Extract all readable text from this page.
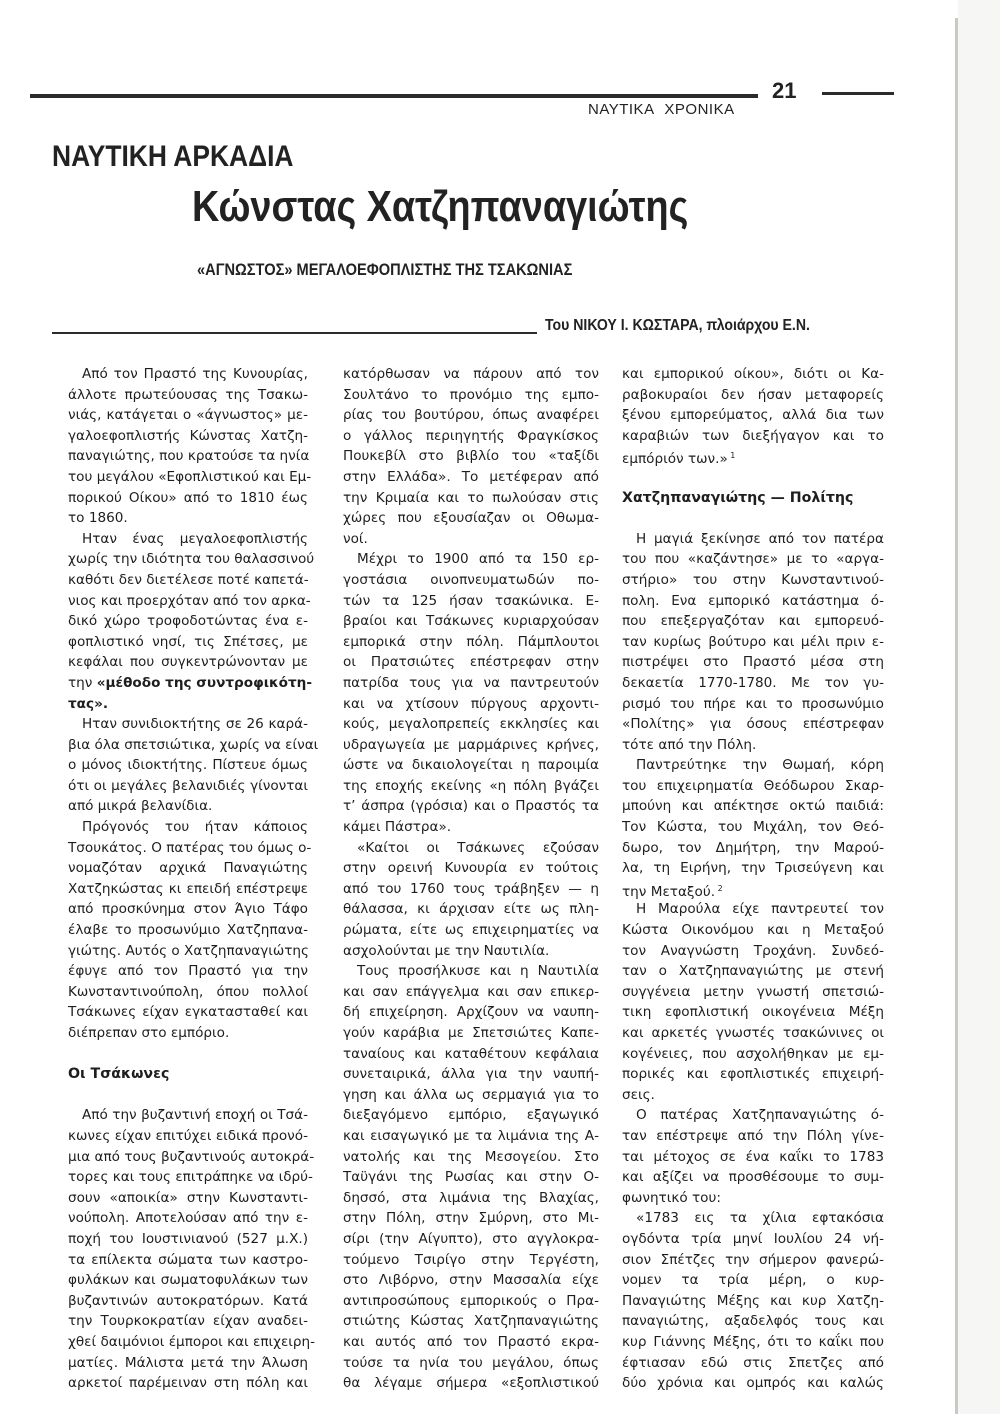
21
ΝΑΥΤΙΚΑ ΧΡΟΝΙΚΑ
ΝΑΥΤΙΚΗ ΑΡΚΑΔΙΑ
Κώνστας Χατζηπαναγιώτης
«ΑΓΝΩΣΤΟΣ» ΜΕΓΑΛΟΕΦΟΠΛΙΣΤΗΣ ΤΗΣ ΤΣΑΚΩΝΙΑΣ
Του ΝΙΚΟΥ Ι. ΚΩΣΤΑΡΑ, πλοιάρχου Ε.Ν.
Από τον Πραστό της Κυνουρίας,
άλλοτε πρωτεύουσας της Τσακω-
νιάς, κατάγεται ο «άγνωστος» με-
γαλοεφοπλιστής Κώνστας Χατζη-
παναγιώτης, που κρατούσε τα ηνία
του μεγάλου «Εφοπλιστικού και Εμ-
πορικού Οίκου» από το 1810 έως
το 1860.
Ηταν ένας μεγαλοεφοπλιστής
χωρίς την ιδιότητα του θαλασσινού
καθότι δεν διετέλεσε ποτέ καπετά-
νιος και προερχόταν από τον αρκα-
δικό χώρο τροφοδοτώντας ένα ε-
φοπλιστικό νησί, τις Σπέτσες, με
κεφάλαι που συγκεντρώνονταν με
την «μέθοδο της συντροφικότη-
τας».
Ηταν συνιδιοκτήτης σε 26 καρά-
βια όλα σπετσιώτικα, χωρίς να είναι
ο μόνος ιδιοκτήτης. Πίστευε όμως
ότι οι μεγάλες βελανιδιές γίνονται
από μικρά βελανίδια.
Πρόγονός του ήταν κάποιος
Τσουκάτος. Ο πατέρας του όμως ο-
νομαζόταν αρχικά Παναγιώτης
Χατζηκώστας κι επειδή επέστρεψε
από προσκύνημα στον Άγιο Τάφο
έλαβε το προσωνύμιο Χατζηπανα-
γιώτης. Αυτός ο Χατζηπαναγιώτης
έφυγε από τον Πραστό για την
Κωνσταντινούπολη, όπου πολλοί
Τσάκωνες είχαν εγκατασταθεί και
διέπρεπαν στο εμπόριο.
Οι Τσάκωνες
Από την βυζαντινή εποχή οι Τσά-
κωνες είχαν επιτύχει ειδικά προνό-
μια από τους βυζαντινούς αυτοκρά-
τορες και τους επιτράπηκε να ιδρύ-
σουν «αποικία» στην Κωνσταντι-
νούπολη. Αποτελούσαν από την ε-
ποχή του Ιουστινιανού (527 μ.Χ.)
τα επίλεκτα σώματα των καστρο-
φυλάκων και σωματοφυλάκων των
βυζαντινών αυτοκρατόρων. Κατά
την Τουρκοκρατίαν είχαν αναδει-
χθεί δαιμόνιοι έμποροι και επιχειρη-
ματίες. Μάλιστα μετά την Άλωση
αρκετοί παρέμειναν στη πόλη και
κατόρθωσαν να πάρουν από τον
Σουλτάνο το προνόμιο της εμπο-
ρίας του βουτύρου, όπως αναφέρει
ο γάλλος περιηγητής Φραγκίσκος
Πουκεβίλ στο βιβλίο του «ταξίδι
στην Ελλάδα». Το μετέφεραν από
την Κριμαία και το πωλούσαν στις
χώρες που εξουσίαζαν οι Οθωμα-
νοί.
Μέχρι το 1900 από τα 150 ερ-
γοστάσια οινοπνευματωδών πο-
τών τα 125 ήσαν τσακώνικα. Ε-
βραίοι και Τσάκωνες κυριαρχούσαν
εμπορικά στην πόλη. Πάμπλουτοι
οι Πρατσιώτες επέστρεφαν στην
πατρίδα τους για να παντρευτούν
και να χτίσουν πύργους αρχοντι-
κούς, μεγαλοπρεπείς εκκλησίες και
υδραγωγεία με μαρμάρινες κρήνες,
ώστε να δικαιολογείται η παροιμία
της εποχής εκείνης «η πόλη βγάζει
τ’ άσπρα (γρόσια) και ο Πραστός τα
κάμει Πάστρα».
«Καίτοι οι Τσάκωνες εζούσαν
στην ορεινή Κυνουρία εν τούτοις
από του 1760 τους τράβηξεν — η
θάλασσα, κι άρχισαν είτε ως πλη-
ρώματα, είτε ως επιχειρηματίες να
ασχολούνται με την Ναυτιλία.
Τους προσήλκυσε και η Ναυτιλία
και σαν επάγγελμα και σαν επικερ-
δή επιχείρηση. Αρχίζουν να ναυπη-
γούν καράβια με Σπετσιώτες Καπε-
ταναίους και καταθέτουν κεφάλαια
συνεταιρικά, άλλα για την ναυπή-
γηση και άλλα ως σερμαγιά για το
διεξαγόμενο εμπόριο, εξαγωγικό
και εισαγωγικό με τα λιμάνια της Α-
νατολής και της Μεσογείου. Στο
Ταϋγάνι της Ρωσίας και στην Ο-
δησσό, στα λιμάνια της Βλαχίας,
στην Πόλη, στην Σμύρνη, στο Μι-
σίρι (την Αίγυπτο), στο αγγλοκρα-
τούμενο Τσιρίγο στην Τεργέστη,
στο Λιβόρνο, στην Μασσαλία είχε
αντιπροσώπους εμπορικούς ο Πρα-
στιώτης Κώστας Χατζηπαναγιώτης
και αυτός από τον Πραστό εκρα-
τούσε τα ηνία του μεγάλου, όπως
θα λέγαμε σήμερα «εξοπλιστικού
και εμπορικού οίκου», διότι οι Κα-
ραβοκυραίοι δεν ήσαν μεταφορείς
ξένου εμπορεύματος, αλλά δια των
καραβιών των διεξήγαγον και το
εμπόριόν των.» $^1$
Χατζηπαναγιώτης — Πολίτης
Η μαγιά ξεκίνησε από τον πατέρα
του που «καζάντησε» με το «αργα-
στήριο» του στην Κωνσταντινού-
πολη. Ενα εμπορικό κατάστημα ό-
που επεξεργαζόταν και εμπορευό-
ταν κυρίως βούτυρο και μέλι πριν ε-
πιστρέψει στο Πραστό μέσα στη
δεκαετία 1770-1780. Με τον γυ-
ρισμό του πήρε και το προσωνύμιο
«Πολίτης» για όσους επέστρεφαν
τότε από την Πόλη.
Παντρεύτηκε την Θωμαή, κόρη
του επιχειρηματία Θεόδωρου Σκαρ-
μπούνη και απέκτησε οκτώ παιδιά:
Τον Κώστα, του Μιχάλη, τον Θεό-
δωρο, τον Δημήτρη, την Μαρού-
λα, τη Ειρήνη, την Τρισεύγενη και
την Μεταξού. $^2$
Η Μαρούλα είχε παντρευτεί τον
Κώστα Οικονόμου και η Μεταξού
τον Αναγνώστη Τροχάνη. Συνδεό-
ταν ο Χατζηπαναγιώτης με στενή
συγγένεια μετην γνωστή σπετσιώ-
τικη εφοπλιστική οικογένεια Μέξη
και αρκετές γνωστές τσακώνινες οι
κογένειες, που ασχολήθηκαν με εμ-
πορικές και εφοπλιστικές επιχειρή-
σεις.
Ο πατέρας Χατζηπαναγιώτης ό-
ταν επέστρεψε από την Πόλη γίνε-
ται μέτοχος σε ένα καΐκι το 1783
και αξίζει να προσθέσουμε το συμ-
φωνητικό του:
«1783 εις τα χίλια εφτακόσια
ογδόντα τρία μηνί Ιουλίου 24 νή-
σιον Σπέτζες την σήμερον φανερώ-
νομεν τα τρία μέρη, ο κυρ-
Παναγιώτης Μέξης και κυρ Χατζη-
παναγιώτης, αξαδελφός τους και
κυρ Γιάννης Μέξης, ότι το καΐκι που
έφτιασαν εδώ στις Σπετζες από
δύο χρόνια και ομπρός και καλώς
